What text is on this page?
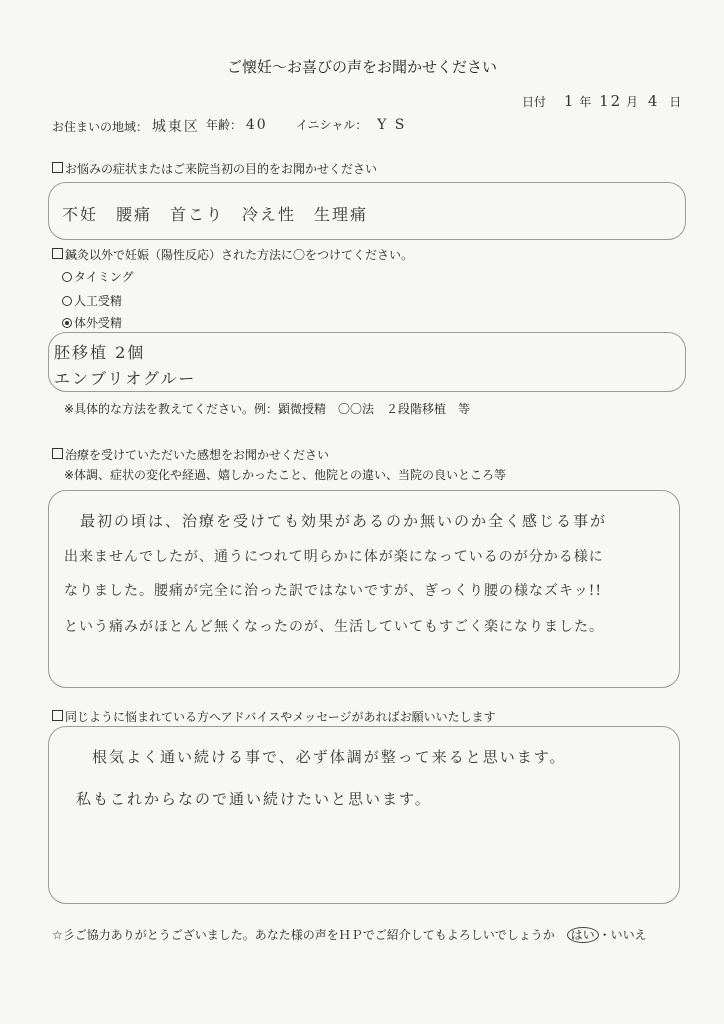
ご懐妊～お喜びの声をお聞かせください
日付 1 年 12 月 4 日
お住まいの地域： 城東区 年齢： 40 イニシャル： Y S
お悩みの症状またはご来院当初の目的をお聞かせください
不妊　腰痛　首こり　冷え性　生理痛
鍼灸以外で妊娠（陽性反応）された方法に〇をつけてください。
タイミング
人工受精
体外受精
胚移植 2個
エンブリオグルー
※具体的な方法を教えてください。例：顕微授精　〇〇法　２段階移植　等
治療を受けていただいた感想をお聞かせください
※体調、症状の変化や経過、嬉しかったこと、他院との違い、当院の良いところ等
最初の頃は、治療を受けても効果があるのか無いのか全く感じる事が
出来ませんでしたが、通うにつれて明らかに体が楽になっているのが分かる様に
なりました。腰痛が完全に治った訳ではないですが、ぎっくり腰の様なズキッ!!
という痛みがほとんど無くなったのが、生活していてもすごく楽になりました。
同じように悩まれている方へアドバイスやメッセージがあればお願いいたします
根気よく通い続ける事で、必ず体調が整って来ると思います。
私もこれからなので通い続けたいと思います。
☆彡ご協力ありがとうございました。あなた様の声をＨＰでご紹介してもよろしいでしょうか はい ・いいえ
